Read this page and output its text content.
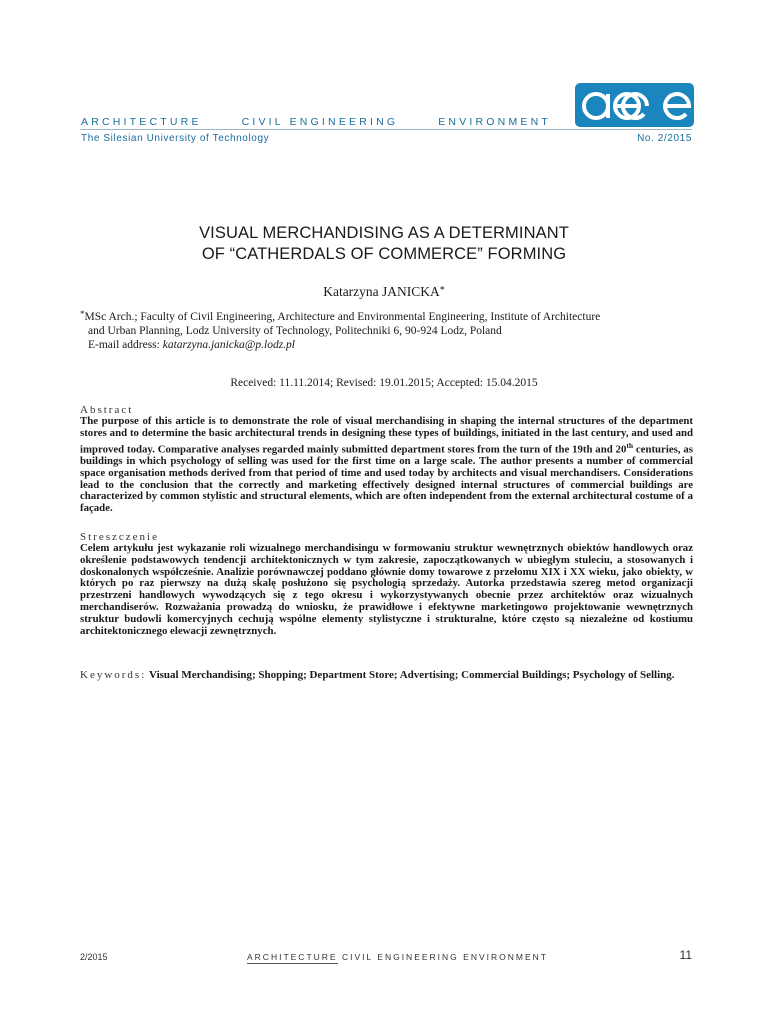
ARCHITECTURE	CIVIL ENGINEERING	ENVIRONMENT
The Silesian University of Technology	No. 2/2015
ace
VISUAL MERCHANDISING AS A DETERMINANT
OF “CATHERDALS OF COMMERCE” FORMING
Katarzyna JANICKA*
*MSc Arch.; Faculty of Civil Engineering, Architecture and Environmental Engineering, Institute of Architecture
and Urban Planning, Lodz University of Technology, Politechniki 6, 90-924 Lodz, Poland
E-mail address: katarzyna.janicka@p.lodz.pl
Received: 11.11.2014; Revised: 19.01.2015; Accepted: 15.04.2015
Abstract
The purpose of this article is to demonstrate the role of visual merchandising in shaping the internal structures of the department stores and to determine the basic architectural trends in designing these types of buildings, initiated in the last century, and used and improved today. Comparative analyses regarded mainly submitted department stores from the turn of the 19th and 20th centuries, as buildings in which psychology of selling was used for the first time on a large scale. The author presents a number of commercial space organisation methods derived from that period of time and used today by architects and visual merchandisers. Considerations lead to the conclusion that the correctly and marketing effectively designed internal structures of commercial buildings are characterized by common stylistic and structural elements, which are often independent from the external architectural costume of a façade.
Streszczenie
Celem artykułu jest wykazanie roli wizualnego merchandisingu w formowaniu struktur wewnętrznych obiektów handlowych oraz określenie podstawowych tendencji architektonicznych w tym zakresie, zapoczątkowanych w ubiegłym stuleciu, a stosowanych i doskonalonych współcześnie. Analizie porównawczej poddano głównie domy towarowe z przełomu XIX i XX wieku, jako obiekty, w których po raz pierwszy na dużą skalę posłużono się psychologią sprzedaży. Autorka przedstawia szereg metod organizacji przestrzeni handlowych wywodzących się z tego okresu i wykorzystywanych obecnie przez architektów oraz wizualnych merchandiserów. Rozważania prowadzą do wniosku, że prawidłowe i efektywne marketingowo projektowanie wewnętrznych struktur budowli komercyjnych cechują wspólne elementy stylistyczne i strukturalne, które często są niezależne od kostiumu architektonicznego elewacji zewnętrznych.
Keywords: Visual Merchandising; Shopping; Department Store; Advertising; Commercial Buildings; Psychology of Selling.
2/2015	ARCHITECTURE CIVIL ENGINEERING ENVIRONMENT	11
